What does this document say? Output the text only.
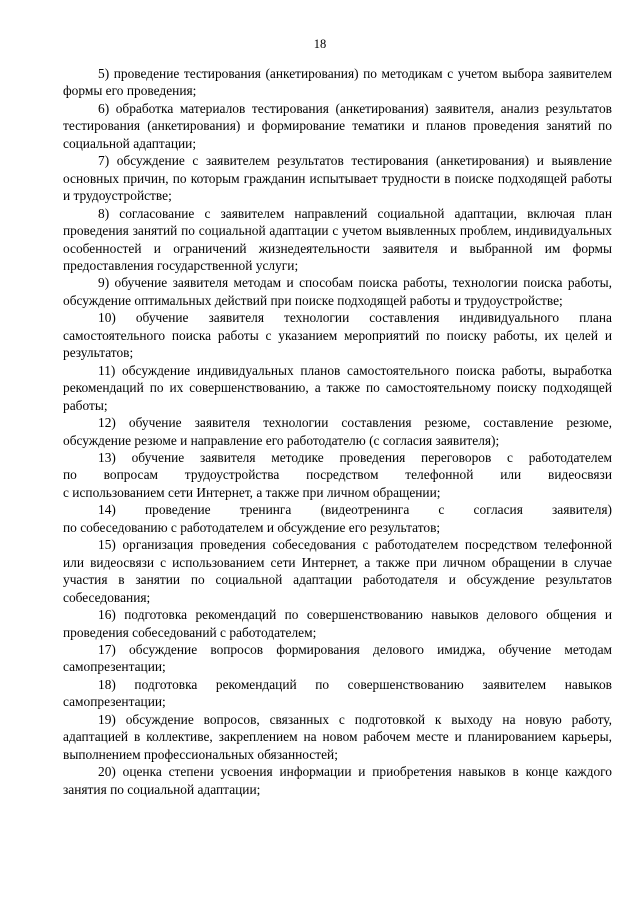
18

5) проведение тестирования (анкетирования) по методикам с учетом выбора заявителем формы его проведения;

6) обработка материалов тестирования (анкетирования) заявителя, анализ результатов тестирования (анкетирования) и формирование тематики и планов проведения занятий по социальной адаптации;

7) обсуждение с заявителем результатов тестирования (анкетирования) и выявление основных причин, по которым гражданин испытывает трудности в поиске подходящей работы и трудоустройстве;

8) согласование с заявителем направлений социальной адаптации, включая план проведения занятий по социальной адаптации с учетом выявленных проблем, индивидуальных особенностей и ограничений жизнедеятельности заявителя и выбранной им формы предоставления государственной услуги;

9) обучение заявителя методам и способам поиска работы, технологии поиска работы, обсуждение оптимальных действий при поиске подходящей работы и трудоустройстве;

10) обучение заявителя технологии составления индивидуального плана самостоятельного поиска работы с указанием мероприятий по поиску работы, их целей и результатов;

11) обсуждение индивидуальных планов самостоятельного поиска работы, выработка рекомендаций по их совершенствованию, а также по самостоятельному поиску подходящей работы;

12) обучение заявителя технологии составления резюме, составление резюме, обсуждение резюме и направление его работодателю (с согласия заявителя);

13) обучение заявителя методике проведения переговоров с работодателем

по вопросам трудоустройства посредством телефонной или видеосвязи

с использованием сети Интернет, а также при личном обращении;

14) проведение тренинга (видеотренинга с согласия заявителя)

по собеседованию с работодателем и обсуждение его результатов;

15) организация проведения собеседования с работодателем посредством телефонной или видеосвязи с использованием сети Интернет, а также при личном обращении в случае участия в занятии по социальной адаптации работодателя и обсуждение результатов собеседования;

16) подготовка рекомендаций по совершенствованию навыков делового общения и проведения собеседований с работодателем;

17) обсуждение вопросов формирования делового имиджа, обучение методам самопрезентации;

18) подготовка рекомендаций по совершенствованию заявителем навыков самопрезентации;

19) обсуждение вопросов, связанных с подготовкой к выходу на новую работу, адаптацией в коллективе, закреплением на новом рабочем месте и планированием карьеры, выполнением профессиональных обязанностей;

20) оценка степени усвоения информации и приобретения навыков в конце каждого занятия по социальной адаптации;
